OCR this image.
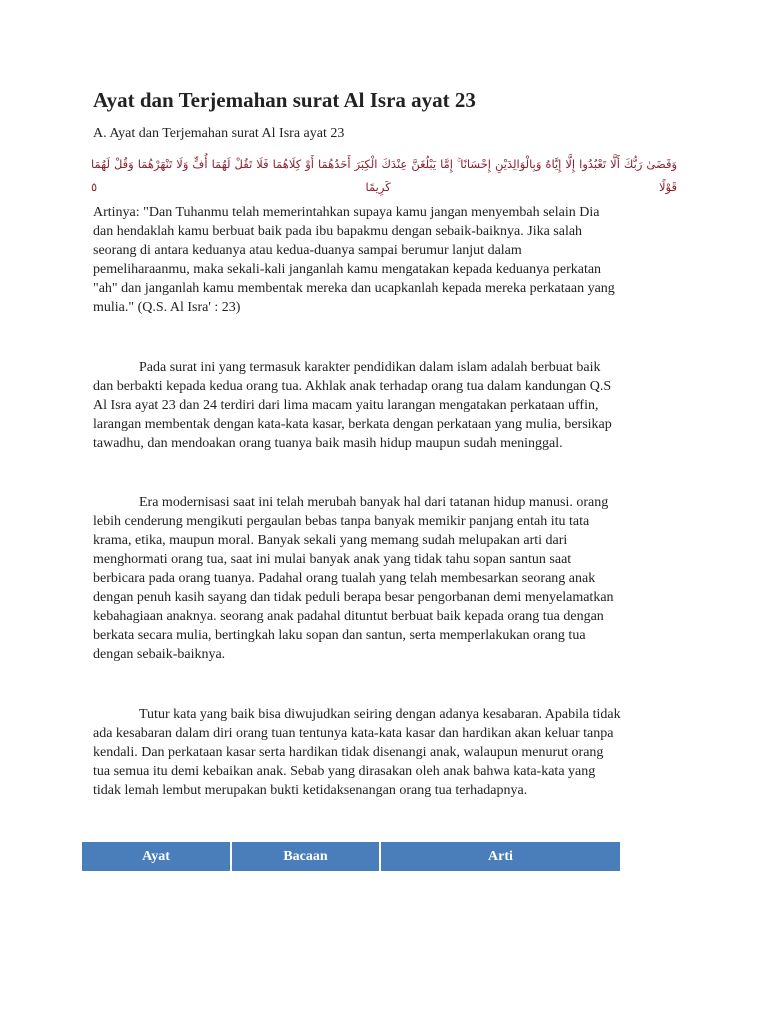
Ayat dan Terjemahan surat Al Isra ayat 23

A. Ayat dan Terjemahan surat Al Isra ayat 23

وَقَضَىٰ رَبُّكَ أَلَّا تَعْبُدُوا إِلَّا إِيَّاهُ وَبِالْوَالِدَيْنِ إِحْسَانًا ۚ إِمَّا يَبْلُغَنَّ عِنْدَكَ الْكِبَرَ أَحَدُهُمَا أَوْ كِلَاهُمَا فَلَا تَقُلْ لَهُمَا أُفٍّ وَلَا تَنْهَرْهُمَا وَقُلْ لَهُمَا قَوْلًا كَرِيمًا ٥

Artinya: "Dan Tuhanmu telah memerintahkan supaya kamu jangan menyembah selain Dia
dan hendaklah kamu berbuat baik pada ibu bapakmu dengan sebaik-baiknya. Jika salah
seorang di antara keduanya atau kedua-duanya sampai berumur lanjut dalam
pemeliharaanmu, maka sekali-kali janganlah kamu mengatakan kepada keduanya perkatan
"ah" dan janganlah kamu membentak mereka dan ucapkanlah kepada mereka perkataan yang
mulia." (Q.S. Al Isra' : 23)

Pada surat ini yang termasuk karakter pendidikan dalam islam adalah berbuat baik
dan berbakti kepada kedua orang tua. Akhlak anak terhadap orang tua dalam kandungan Q.S
Al Isra ayat 23 dan 24 terdiri dari lima macam yaitu larangan mengatakan perkataan uffin,
larangan membentak dengan kata-kata kasar, berkata dengan perkataan yang mulia, bersikap
tawadhu, dan mendoakan orang tuanya baik masih hidup maupun sudah meninggal.

Era modernisasi saat ini telah merubah banyak hal dari tatanan hidup manusi. orang
lebih cenderung mengikuti pergaulan bebas tanpa banyak memikir panjang entah itu tata
krama, etika, maupun moral. Banyak sekali yang memang sudah melupakan arti dari
menghormati orang tua, saat ini mulai banyak anak yang tidak tahu sopan santun saat
berbicara pada orang tuanya. Padahal orang tualah yang telah membesarkan seorang anak
dengan penuh kasih sayang dan tidak peduli berapa besar pengorbanan demi menyelamatkan
kebahagiaan anaknya. seorang anak padahal dituntut berbuat baik kepada orang tua dengan
berkata secara mulia, bertingkah laku sopan dan santun, serta memperlakukan orang tua
dengan sebaik-baiknya.

Tutur kata yang baik bisa diwujudkan seiring dengan adanya kesabaran. Apabila tidak
ada kesabaran dalam diri orang tuan tentunya kata-kata kasar dan hardikan akan keluar tanpa
kendali. Dan perkataan kasar serta hardikan tidak disenangi anak, walaupun menurut orang
tua semua itu demi kebaikan anak. Sebab yang dirasakan oleh anak bahwa kata-kata yang
tidak lemah lembut merupakan bukti ketidaksenangan orang tua terhadapnya.

Ayat	Bacaan	Arti
